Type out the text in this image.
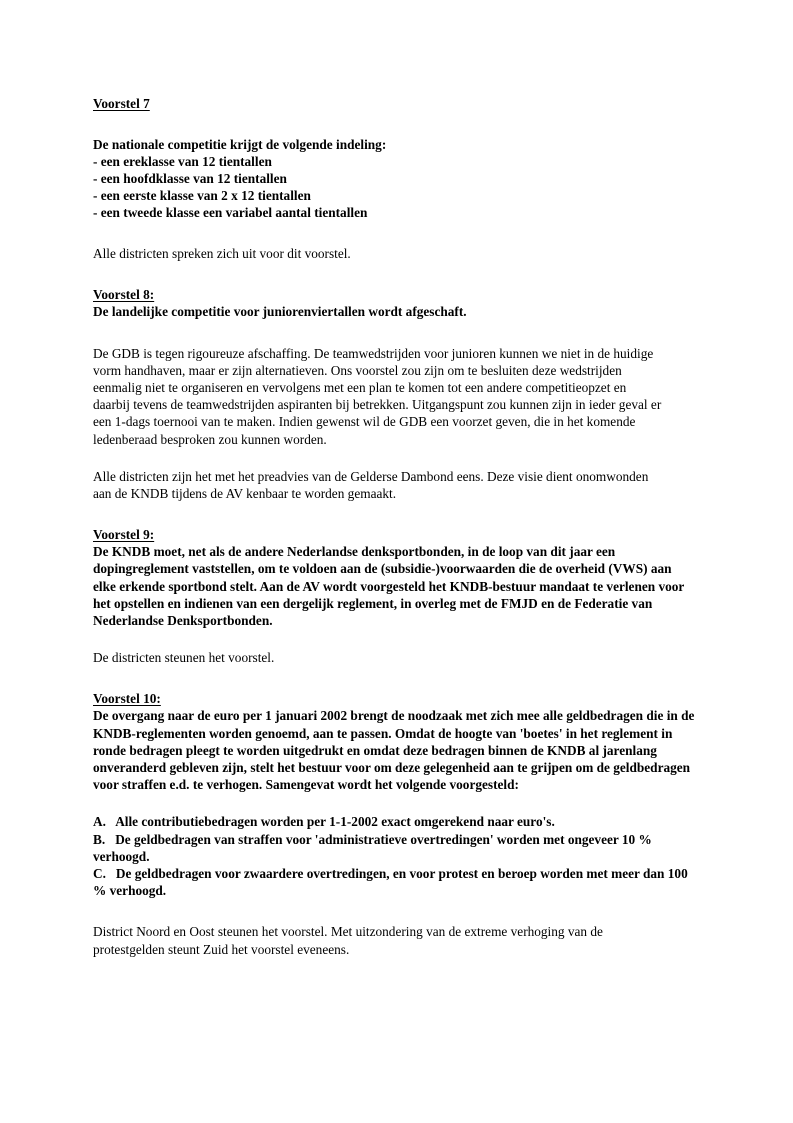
Voorstel 7

De nationale competitie krijgt de volgende indeling:

- een ereklasse van 12 tientallen

- een hoofdklasse van 12 tientallen

- een eerste klasse van 2 x 12 tientallen

- een tweede klasse een variabel aantal tientallen

Alle districten spreken zich uit voor dit voorstel.

Voorstel 8:

De landelijke competitie voor juniorenviertallen wordt afgeschaft.

De GDB is tegen rigoureuze afschaffing. De teamwedstrijden voor junioren kunnen we niet in de huidige vorm handhaven, maar er zijn alternatieven. Ons voorstel zou zijn om te besluiten deze wedstrijden eenmalig niet te organiseren en vervolgens met een plan te komen tot een andere competitieopzet en daarbij tevens de teamwedstrijden aspiranten bij betrekken. Uitgangspunt zou kunnen zijn in ieder geval er een 1-dags toernooi van te maken. Indien gewenst wil de GDB een voorzet geven, die in het komende ledenberaad besproken zou kunnen worden.

Alle districten zijn het met het preadvies van de Gelderse Dambond eens. Deze visie dient onomwonden aan de KNDB tijdens de AV kenbaar te worden gemaakt.

Voorstel 9:

De KNDB moet, net als de andere Nederlandse denksportbonden, in de loop van dit jaar een dopingreglement vaststellen, om te voldoen aan de (subsidie-)voorwaarden die de overheid (VWS) aan elke erkende sportbond stelt. Aan de AV wordt voorgesteld het KNDB-bestuur mandaat te verlenen voor het opstellen en indienen van een dergelijk reglement, in overleg met de FMJD en de Federatie van Nederlandse Denksportbonden.

De districten steunen het voorstel.

Voorstel 10:

De overgang naar de euro per 1 januari 2002 brengt de noodzaak met zich mee alle geldbedragen die in de KNDB-reglementen worden genoemd, aan te passen. Omdat de hoogte van 'boetes' in het reglement in ronde bedragen pleegt te worden uitgedrukt en omdat deze bedragen binnen de KNDB al jarenlang onveranderd gebleven zijn, stelt het bestuur voor om deze gelegenheid aan te grijpen om de geldbedragen voor straffen e.d. te verhogen. Samengevat wordt het volgende voorgesteld:

A. Alle contributiebedragen worden per 1-1-2002 exact omgerekend naar euro's.

B. De geldbedragen van straffen voor 'administratieve overtredingen' worden met ongeveer 10 % verhoogd.

C. De geldbedragen voor zwaardere overtredingen, en voor protest en beroep worden met meer dan 100 % verhoogd.

District Noord en Oost steunen het voorstel. Met uitzondering van de extreme verhoging van de protestgelden steunt Zuid het voorstel eveneens.
